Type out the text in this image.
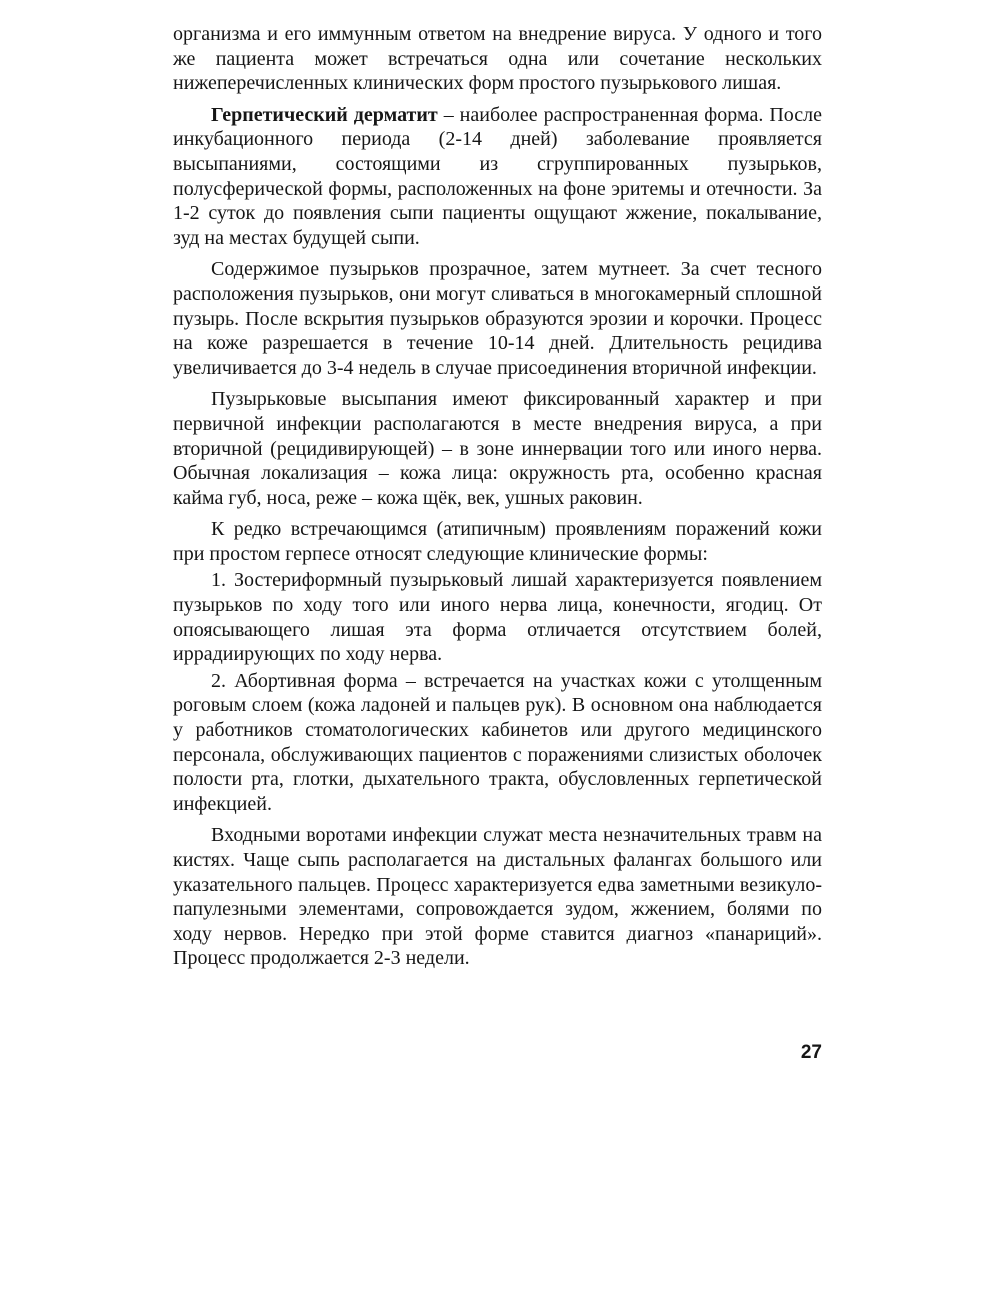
организма и его иммунным ответом на внедрение вируса. У одного и того же пациента может встречаться одна или сочетание нескольких нижеперечисленных клинических форм простого пузырькового лишая.

Герпетический дерматит – наиболее распространенная форма. После инкубационного периода (2-14 дней) заболевание проявляется высыпаниями, состоящими из сгруппированных пузырьков, полусферической формы, расположенных на фоне эритемы и отечности. За 1-2 суток до появления сыпи пациенты ощущают жжение, покалывание, зуд на местах будущей сыпи.

Содержимое пузырьков прозрачное, затем мутнеет. За счет тесного расположения пузырьков, они могут сливаться в многокамерный сплошной пузырь. После вскрытия пузырьков образуются эрозии и корочки. Процесс на коже разрешается в течение 10-14 дней. Длительность рецидива увеличивается до 3-4 недель в случае присоединения вторичной инфекции.

Пузырьковые высыпания имеют фиксированный характер и при первичной инфекции располагаются в месте внедрения вируса, а при вторичной (рецидивирующей) – в зоне иннервации того или иного нерва. Обычная локализация – кожа лица: окружность рта, особенно красная кайма губ, носа, реже – кожа щёк, век, ушных раковин.

К редко встречающимся (атипичным) проявлениям поражений кожи при простом герпесе относят следующие клинические формы:

1. Зостериформный пузырьковый лишай характеризуется появлением пузырьков по ходу того или иного нерва лица, конечности, ягодиц. От опоясывающего лишая эта форма отличается отсутствием болей, иррадиирующих по ходу нерва.

2. Абортивная форма – встречается на участках кожи с утолщенным роговым слоем (кожа ладоней и пальцев рук). В основном она наблюдается у работников стоматологических кабинетов или другого медицинского персонала, обслуживающих пациентов с поражениями слизистых оболочек полости рта, глотки, дыхательного тракта, обусловленных герпетической инфекцией.

Входными воротами инфекции служат места незначительных травм на кистях. Чаще сыпь располагается на дистальных фалангах большого или указательного пальцев. Процесс характеризуется едва заметными везикуло-папулезными элементами, сопровождается зудом, жжением, болями по ходу нервов. Нередко при этой форме ставится диагноз «панариций». Процесс продолжается 2-3 недели.

27
